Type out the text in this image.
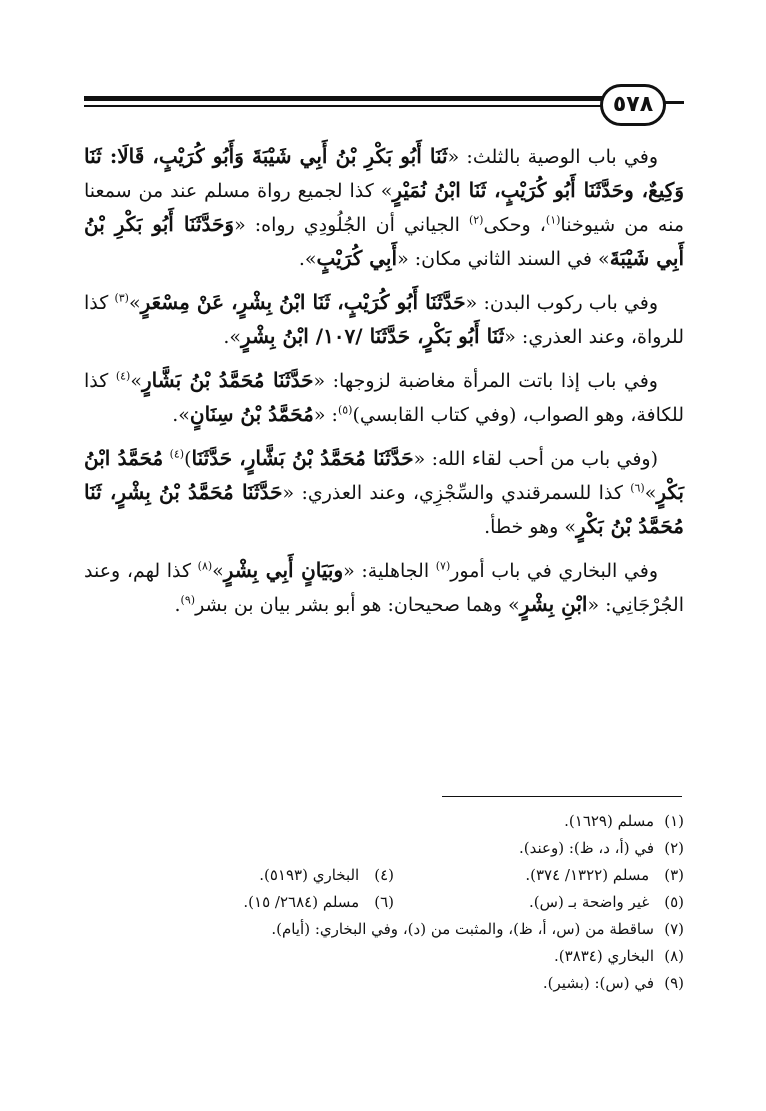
٥٧٨

وفي باب الوصية بالثلث: «ثَنَا أَبُو بَكْرِ بْنُ أَبِي شَيْبَةَ وَأَبُو كُرَيْبٍ، قَالَا: ثَنَا وَكِيعٌ، وحَدَّثَنَا أَبُو كُرَيْبٍ، ثَنَا ابْنُ نُمَيْرٍ» كذا لجميع رواة مسلم عند من سمعنا منه من شيوخنا$^{(١)}$، وحكى$^{(٢)}$ الجياني أن الجُلُودِي رواه: «وَحَدَّثَنَا أَبُو بَكْرِ بْنُ أَبِي شَيْبَةَ» في السند الثاني مكان: «أَبِي كُرَيْبٍ».

وفي باب ركوب البدن: «حَدَّثَنَا أَبُو كُرَيْبٍ، ثَنَا ابْنُ بِشْرٍ، عَنْ مِسْعَرٍ»$^{(٣)}$ كذا للرواة، وعند العذري: «ثَنَا أَبُو بَكْرٍ، حَدَّثَنَا /١٠٧/ ابْنُ بِشْرٍ».

وفي باب إذا باتت المرأة مغاضبة لزوجها: «حَدَّثَنَا مُحَمَّدُ بْنُ بَشَّارٍ»$^{(٤)}$ كذا للكافة، وهو الصواب، (وفي كتاب القابسي)$^{(٥)}$: «مُحَمَّدُ بْنُ سِنَانٍ».

(وفي باب من أحب لقاء الله: «حَدَّثَنَا مُحَمَّدُ بْنُ بَشَّارٍ، حَدَّثَنَا)$^{(٤)}$ مُحَمَّدُ ابْنُ بَكْرٍ»$^{(٦)}$ كذا للسمرقندي والسِّجْزِي، وعند العذري: «حَدَّثَنَا مُحَمَّدُ بْنُ بِشْرٍ، ثَنَا مُحَمَّدُ بْنُ بَكْرٍ» وهو خطأ.

وفي البخاري في باب أمور$^{(٧)}$ الجاهلية: «وبَيَانٍ أَبِي بِشْرٍ»$^{(٨)}$ كذا لهم، وعند الجُرْجَانِي: «ابْنِ بِشْرٍ» وهما صحيحان: هو أبو بشر بيان بن بشر$^{(٩)}$.

(١)
مسلم (١٦٢٩).
(٢)
في (أ، د، ظ): (وعند).
(٣) مسلم (١٣٢٢/ ٣٧٤).
(٤) البخاري (٥١٩٣).
(٥) غير واضحة بـ (س).
(٦) مسلم (٢٦٨٤/ ١٥).
(٧)
ساقطة من (س، أ، ظ)، والمثبت من (د)، وفي البخاري: (أيام).
(٨)
البخاري (٣٨٣٤).
(٩)
في (س): (بشير).
